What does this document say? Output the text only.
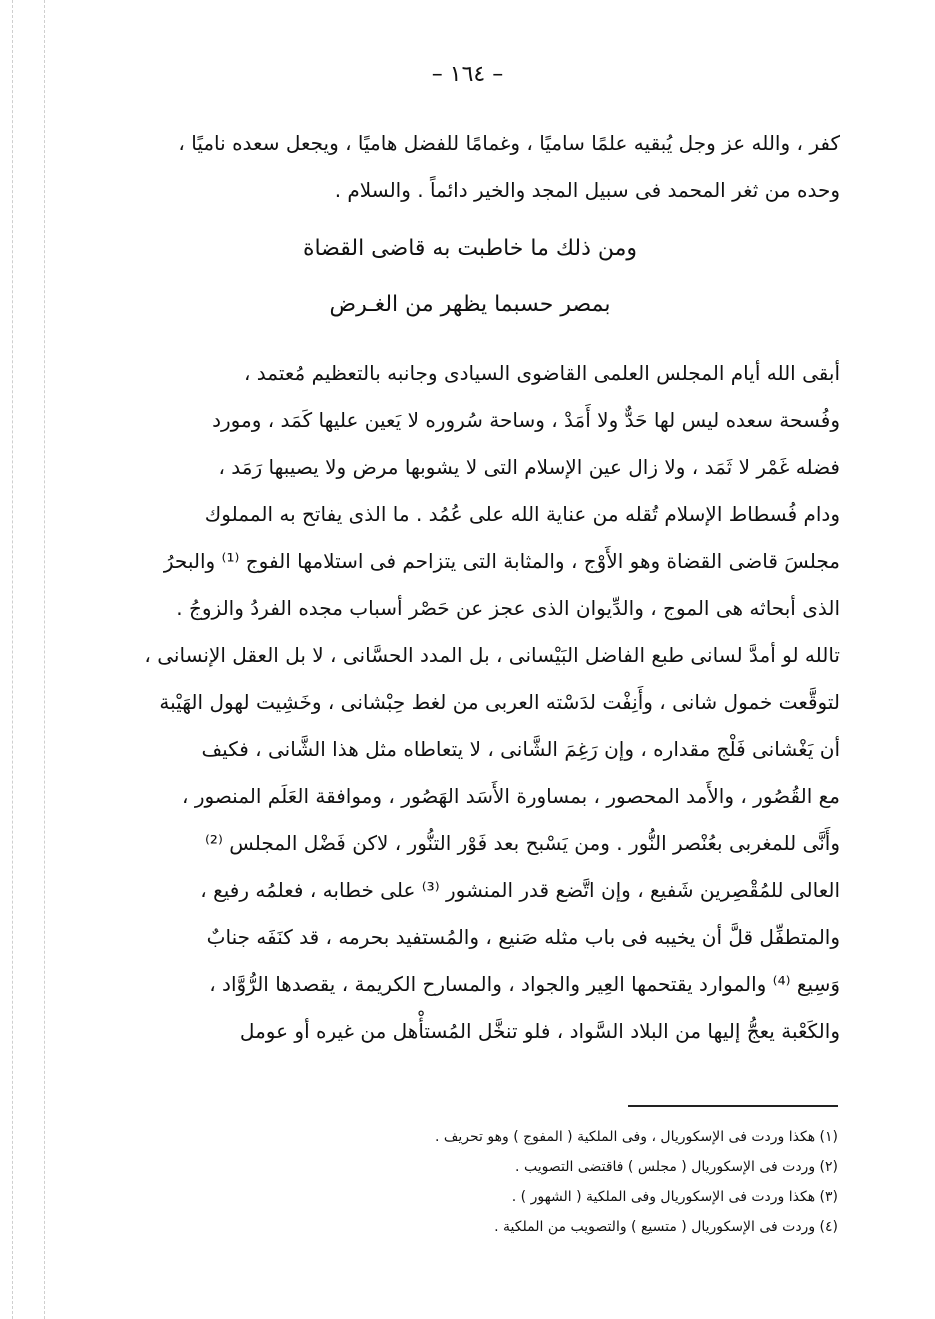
– ١٦٤ –
كفر ، والله عز وجل يُبقيه علمًا ساميًا ، وغمامًا للفضل هاميًا ، ويجعل سعده ناميًا ،
وحده من ثغر المحمد فى سبيل المجد والخير دائماً . والسلام .
ومن ذلك ما خاطبت به قاضى القضاة
بمصر حسبما يظهر من الغـرض
أبقى الله أيام المجلس العلمى القاضوى السيادى وجانبه بالتعظيم مُعتمد ،
وفُسحة سعده ليس لها حَدٌّ ولا أَمَدْ ، وساحة سُروره لا يَعين عليها كَمَد ، ومورد
فضله غَمْر لا ثَمَد ، ولا زال عين الإسلام التى لا يشوبها مرض ولا يصيبها رَمَد ،
ودام فُسطاط الإسلام تُقله من عناية الله على عُمُد . ما الذى يفاتح به المملوك
مجلسَ قاضى القضاة وهو الأَوْج ، والمثابة التى يتزاحم فى استلامها الفوج ⁽¹⁾ والبحرُ
الذى أبحاثه هى الموج ، والدِّيوان الذى عجز عن حَصْر أسباب مجده الفردُ والزوجُ .
تالله لو أمدَّ لسانى طبع الفاضل البَيْسانى ، بل المدد الحسَّانى ، لا بل العقل الإنسانى ،
لتوقَّعت خمول شانى ، وأَنِفْت لدَسْته العربى من لغط حِبْشانى ، وخَشِيت لهول الهَيْبة
أن يَغْشانى فَلْج مقداره ، وإن رَغِمَ الشَّانى ، لا يتعاطاه مثل هذا الشَّانى ، فكيف
مع القُصُور ، والأَمد المحصور ، بمساورة الأَسَد الهَصُور ، وموافقة العَلَم المنصور ،
وأَنَّى للمغربى بعُنْصر النُّور . ومن يَسْبح بعد فَوْر التنُّور ، لاكن فَضْل المجلس ⁽²⁾
العالى للمُقْصِرين شَفيع ، وإن اتَّضع قدر المنشور ⁽³⁾ على خطابه ، فعلمُه رفيع ،
والمتطفِّل قلَّ أن يخيبه فى باب مثله صَنيع ، والمُستفيد بحرمه ، قد كنَفَه جنابٌ
وَسِيع ⁽⁴⁾ والموارد يقتحمها العِير والجواد ، والمسارح الكريمة ، يقصدها الرُّوَّاد ،
والكَعْبة يعجُّ إليها من البلاد السَّواد ، فلو تنخَّل المُستأْهل من غيره أو عومل
(١) هكذا وردت فى الإسكوريال ، وفى الملكية ( المفوج ) وهو تحريف .
(٢) وردت فى الإسكوريال ( مجلس ) فاقتضى التصويب .
(٣) هكذا وردت فى الإسكوريال وفى الملكية ( الشهور ) .
(٤) وردت فى الإسكوريال ( متسيع ) والتصويب من الملكية .
